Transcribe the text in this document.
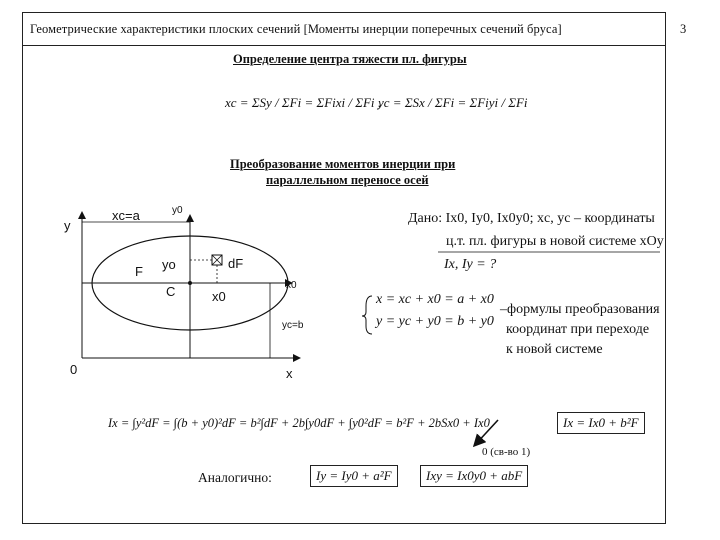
Геометрические характеристики плоских сечений [Моменты инерции поперечных сечений бруса]	3
Определение центра тяжести пл. фигуры
xc = ΣSy / ΣFi = ΣFixi / ΣFi ,
yc = ΣSx / ΣFi = ΣFiyi / ΣFi
Преобразование моментов инерции при
параллельном переносе осей
y
xc=a	y0
F yo	dF
C	x0
x0
yc=b
0	x
Дано: Ix0, Iy0, Ix0y0; xc, yc – координаты
ц.т. пл. фигуры в новой системе xOy
Ix, Iy = ?
x = xc + x0 = a + x0
y = yc + y0 = b + y0
–формулы преобразования
координат при переходе
к новой системе
Ix = ∫y²dF = ∫(b + y0)²dF = b²∫dF + 2b∫y0dF + ∫y0²dF = b²F + 2bSx0 + Ix0	Ix = Ix0 + b²F
0 (св-во 1)
Аналогично:	Iy = Iy0 + a²F	Ixy = Ix0y0 + abF
